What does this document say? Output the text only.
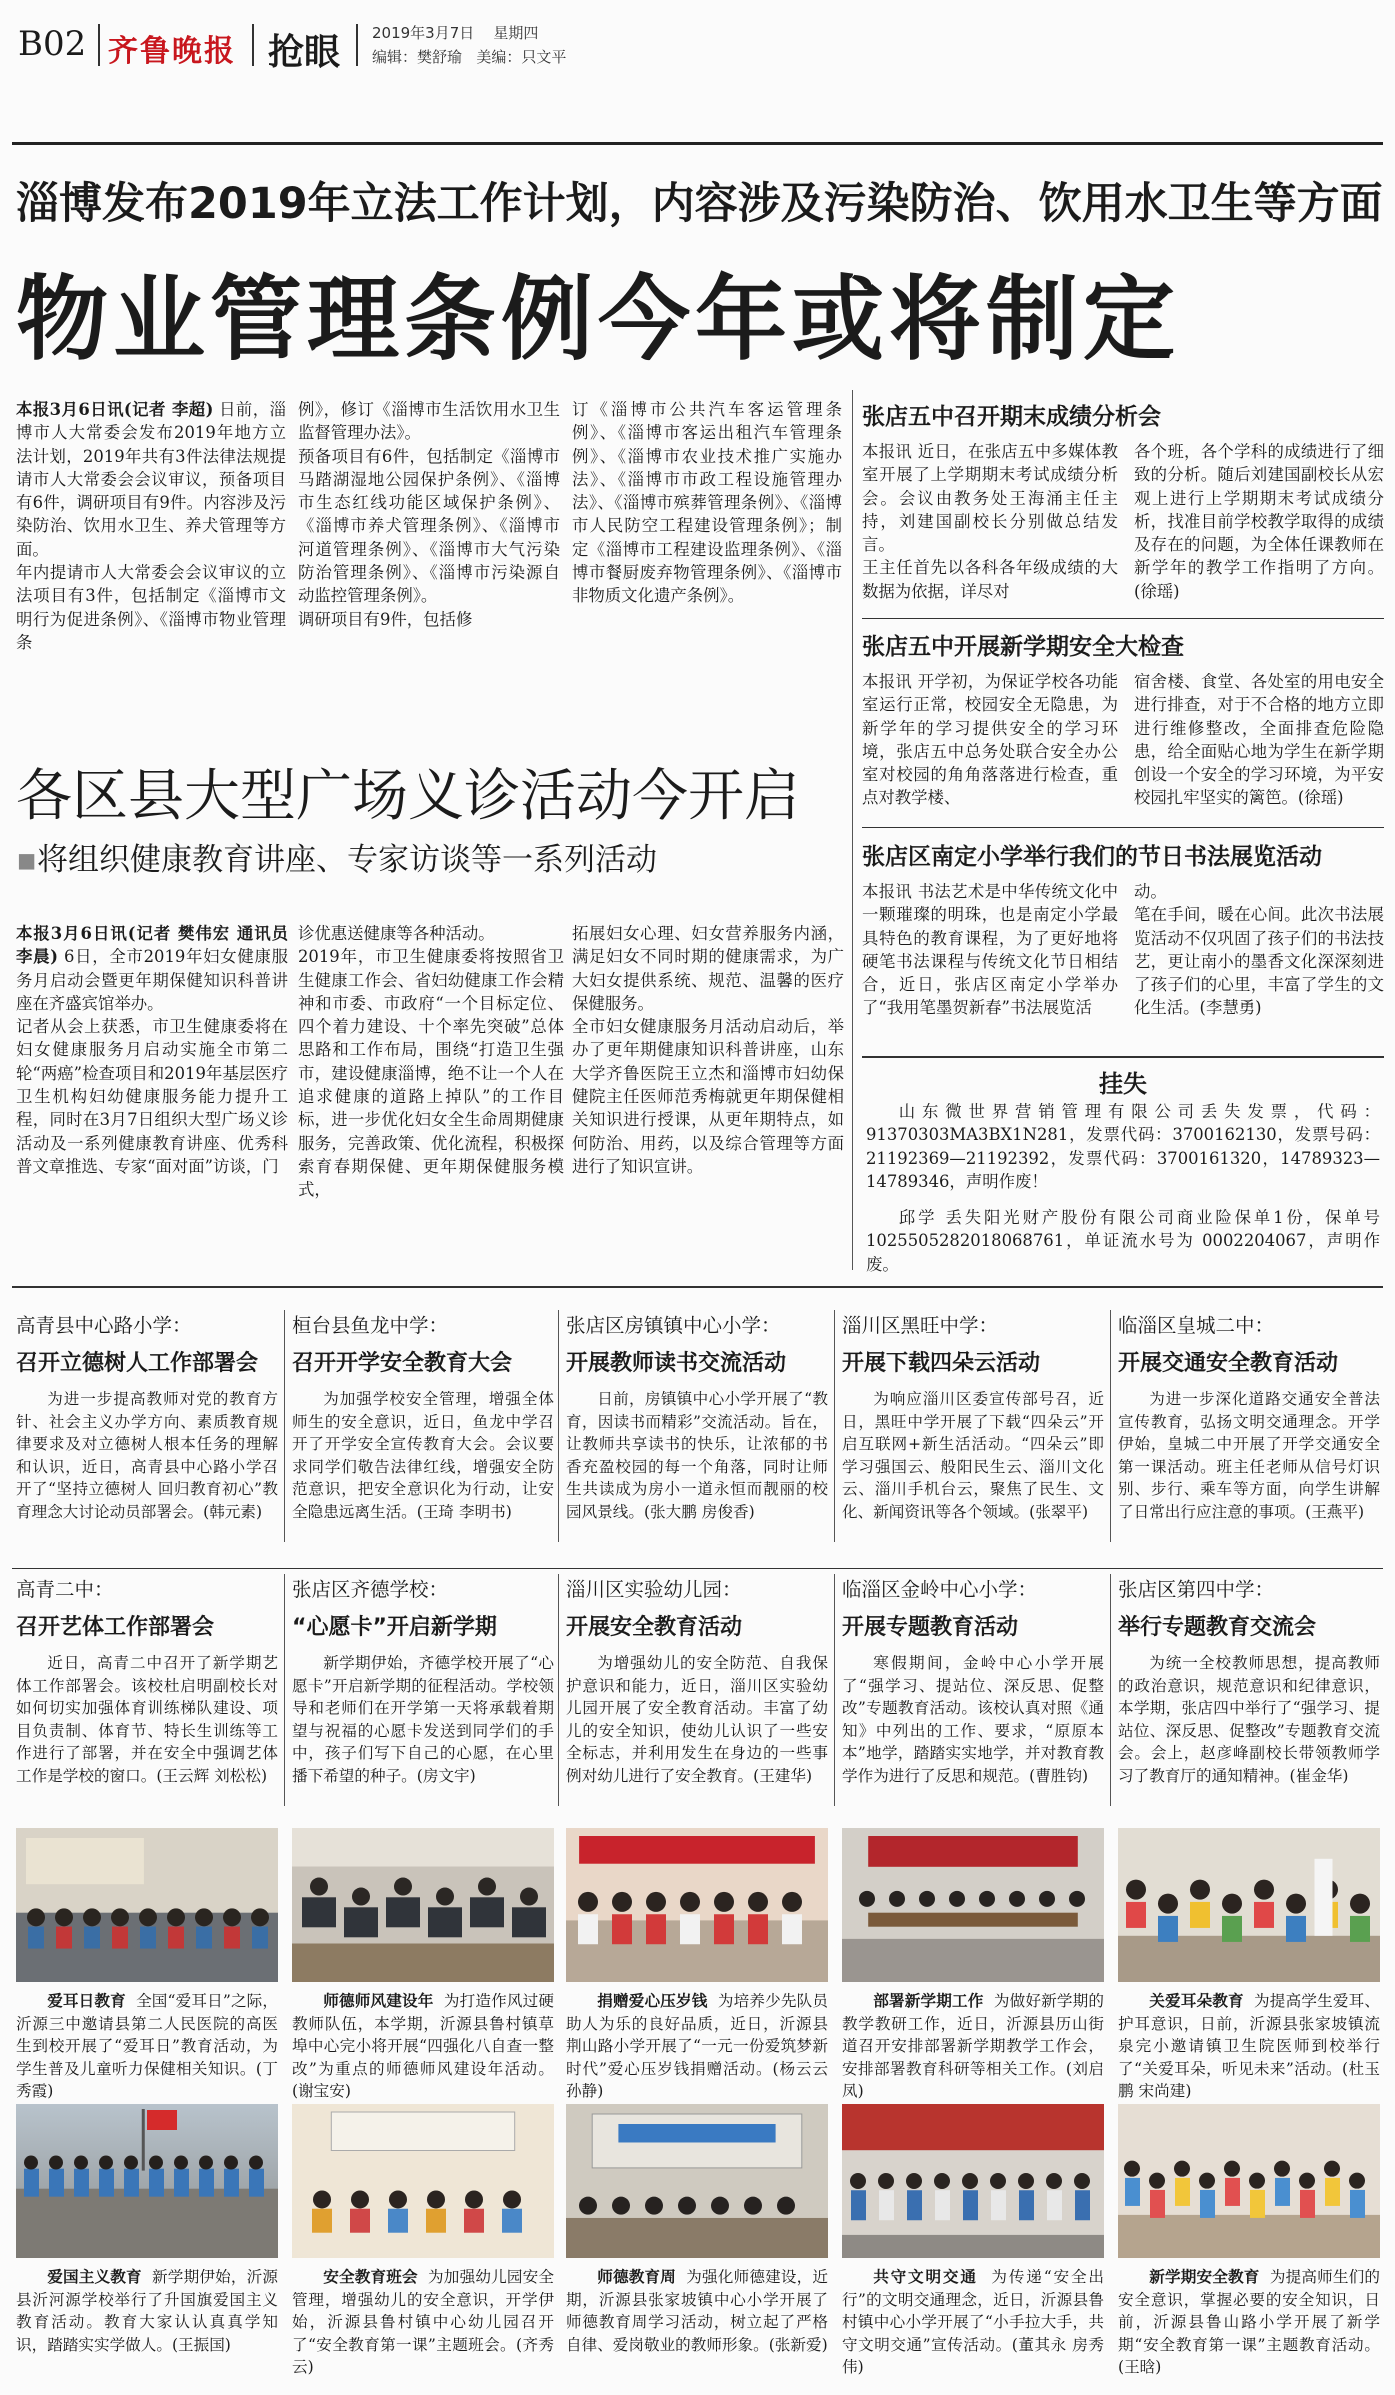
B02 齐鲁晚报 抢眼 2019年3月7日 星期四
编辑：樊舒瑜 美编：只文平
淄博发布2019年立法工作计划，内容涉及污染防治、饮用水卫生等方面
物业管理条例今年或将制定
本报3月6日讯(记者 李超) 日前，淄博市人大常委会发布2019年地方立法计划，2019年共有3件法律法规提请市人大常委会会议审议，预备项目有6件，调研项目有9件。内容涉及污染防治、饮用水卫生、养犬管理等方面。
年内提请市人大常委会会议审议的立法项目有3件，包括制定《淄博市文明行为促进条例》、《淄博市物业管理条
例》，修订《淄博市生活饮用水卫生监督管理办法》。
预备项目有6件，包括制定《淄博市马踏湖湿地公园保护条例》、《淄博市生态红线功能区域保护条例》、《淄博市养犬管理条例》、《淄博市河道管理条例》、《淄博市大气污染防治管理条例》、《淄博市污染源自动监控管理条例》。
调研项目有9件，包括修
订《淄博市公共汽车客运管理条例》、《淄博市客运出租汽车管理条例》、《淄博市农业技术推广实施办法》、《淄博市市政工程设施管理办法》、《淄博市殡葬管理条例》、《淄博市人民防空工程建设管理条例》；制定《淄博市工程建设监理条例》、《淄博市餐厨废弃物管理条例》、《淄博市非物质文化遗产条例》。
各区县大型广场义诊活动今开启
▪将组织健康教育讲座、专家访谈等一系列活动
本报3月6日讯(记者 樊伟宏 通讯员 李晨) 6日，全市2019年妇女健康服务月启动会暨更年期保健知识科普讲座在齐盛宾馆举办。
记者从会上获悉，市卫生健康委将在妇女健康服务月启动实施全市第二轮“两癌”检查项目和2019年基层医疗卫生机构妇幼健康服务能力提升工程，同时在3月7日组织大型广场义诊活动及一系列健康教育讲座、优秀科普文章推选、专家“面对面”访谈，门
诊优惠送健康等各种活动。
2019年，市卫生健康委将按照省卫生健康工作会、省妇幼健康工作会精神和市委、市政府“一个目标定位、四个着力建设、十个率先突破”总体思路和工作布局，围绕“打造卫生强市，建设健康淄博，绝不让一个人在追求健康的道路上掉队”的工作目标，进一步优化妇女全生命周期健康服务，完善政策、优化流程，积极探索育春期保健、更年期保健服务模式，
拓展妇女心理、妇女营养服务内涵，满足妇女不同时期的健康需求，为广大妇女提供系统、规范、温馨的医疗保健服务。
全市妇女健康服务月活动启动后，举办了更年期健康知识科普讲座，山东大学齐鲁医院王立杰和淄博市妇幼保健院主任医师范秀梅就更年期保健相关知识进行授课，从更年期特点，如何防治、用药，以及综合管理等方面进行了知识宣讲。
张店五中召开期末成绩分析会
本报讯 近日，在张店五中多媒体教室开展了上学期期末考试成绩分析会。会议由教务处王海涌主任主持，刘建国副校长分别做总结发言。
王主任首先以各科各年级成绩的大数据为依据，详尽对
各个班，各个学科的成绩进行了细致的分析。随后刘建国副校长从宏观上进行上学期期末考试成绩分析，找准目前学校教学取得的成绩及存在的问题，为全体任课教师在新学年的教学工作指明了方向。(徐瑶)
张店五中开展新学期安全大检查
本报讯 开学初，为保证学校各功能室运行正常，校园安全无隐患，为新学年的学习提供安全的学习环境，张店五中总务处联合安全办公室对校园的角角落落进行检查，重点对教学楼、
宿舍楼、食堂、各处室的用电安全进行排查，对于不合格的地方立即进行维修整改，全面排查危险隐患，给全面贴心地为学生在新学期创设一个安全的学习环境，为平安校园扎牢坚实的篱笆。(徐瑶)
张店区南定小学举行我们的节日书法展览活动
本报讯 书法艺术是中华传统文化中一颗璀璨的明珠，也是南定小学最具特色的教育课程，为了更好地将硬笔书法课程与传统文化节日相结合，近日，张店区南定小学举办了“我用笔墨贺新春”书法展览活
动。
笔在手间，暖在心间。此次书法展览活动不仅巩固了孩子们的书法技艺，更让南小的墨香文化深深刻进了孩子们的心里，丰富了学生的文化生活。(李慧勇)
挂失
山东微世界营销管理有限公司丢失发票，代码：91370303MA3BX1N281，发票代码：3700162130，发票号码：21192369—21192392，发票代码：3700161320，14789323—14789346，声明作废！
邱学 丢失阳光财产股份有限公司商业险保单1份，保单号1025505282018068761，单证流水号为 0002204067，声明作废。
高青县中心路小学：
召开立德树人工作部署会
为进一步提高教师对党的教育方针、社会主义办学方向、素质教育规律要求及对立德树人根本任务的理解和认识，近日，高青县中心路小学召开了“坚持立德树人 回归教育初心”教育理念大讨论动员部署会。(韩元素)
桓台县鱼龙中学：
召开开学安全教育大会
为加强学校安全管理，增强全体师生的安全意识，近日，鱼龙中学召开了开学安全宣传教育大会。会议要求同学们敬告法律红线，增强安全防范意识，把安全意识化为行动，让安全隐患远离生活。(王琦 李明书)
张店区房镇镇中心小学：
开展教师读书交流活动
日前，房镇镇中心小学开展了“教育，因读书而精彩”交流活动。旨在，让教师共享读书的快乐，让浓郁的书香充盈校园的每一个角落，同时让师生共读成为房小一道永恒而靓丽的校园风景线。(张大鹏 房俊香)
淄川区黑旺中学：
开展下载四朵云活动
为响应淄川区委宣传部号召，近日，黑旺中学开展了下载“四朵云”开启互联网+新生活活动。“四朵云”即学习强国云、般阳民生云、淄川文化云、淄川手机台云，聚焦了民生、文化、新闻资讯等各个领域。(张翠平)
临淄区皇城二中：
开展交通安全教育活动
为进一步深化道路交通安全普法宣传教育，弘扬文明交通理念。开学伊始，皇城二中开展了开学交通安全第一课活动。班主任老师从信号灯识别、步行、乘车等方面，向学生讲解了日常出行应注意的事项。(王燕平)
高青二中：
召开艺体工作部署会
近日，高青二中召开了新学期艺体工作部署会。该校杜启明副校长对如何切实加强体育训练梯队建设、项目负责制、体育节、特长生训练等工作进行了部署，并在安全中强调艺体工作是学校的窗口。(王云辉 刘松松)
张店区齐德学校：
“心愿卡”开启新学期
新学期伊始，齐德学校开展了“心愿卡”开启新学期的征程活动。学校领导和老师们在开学第一天将承载着期望与祝福的心愿卡发送到同学们的手中，孩子们写下自己的心愿，在心里播下希望的种子。(房文宇)
淄川区实验幼儿园：
开展安全教育活动
为增强幼儿的安全防范、自我保护意识和能力，近日，淄川区实验幼儿园开展了安全教育活动。丰富了幼儿的安全知识，使幼儿认识了一些安全标志，并利用发生在身边的一些事例对幼儿进行了安全教育。(王建华)
临淄区金岭中心小学：
开展专题教育活动
寒假期间，金岭中心小学开展了“强学习、提站位、深反思、促整改”专题教育活动。该校认真对照《通知》中列出的工作、要求，“原原本本”地学，踏踏实实地学，并对教育教学作为进行了反思和规范。(曹胜钧)
张店区第四中学：
举行专题教育交流会
为统一全校教师思想，提高教师的政治意识，规范意识和纪律意识，本学期，张店四中举行了“强学习、提站位、深反思、促整改”专题教育交流会。会上，赵彦峰副校长带领教师学习了教育厅的通知精神。(崔金华)
爱耳日教育 全国“爱耳日”之际，沂源三中邀请县第二人民医院的高医生到校开展了“爱耳日”教育活动，为学生普及儿童听力保健相关知识。(丁秀霞)
师德师风建设年 为打造作风过硬教师队伍，本学期，沂源县鲁村镇草埠中心完小将开展“四强化八自查一整改”为重点的师德师风建设年活动。(谢宝安)
捐赠爱心压岁钱 为培养少先队员助人为乐的良好品质，近日，沂源县荆山路小学开展了“一元一份爱筑梦新时代”爱心压岁钱捐赠活动。(杨云云 孙静)
部署新学期工作 为做好新学期的教学教研工作，近日，沂源县历山街道召开安排部署新学期教学工作会，安排部署教育科研等相关工作。(刘启凤)
关爱耳朵教育 为提高学生爱耳、护耳意识，日前，沂源县张家坡镇流泉完小邀请镇卫生院医师到校举行了“关爱耳朵，听见未来”活动。(杜玉鹏 宋尚建)
爱国主义教育 新学期伊始，沂源县沂河源学校举行了升国旗爱国主义教育活动。教育大家认认真真学知识，踏踏实实学做人。(王振国)
安全教育班会 为加强幼儿园安全管理，增强幼儿的安全意识，开学伊始，沂源县鲁村镇中心幼儿园召开了“安全教育第一课”主题班会。(齐秀云)
师德教育周 为强化师德建设，近期，沂源县张家坡镇中心小学开展了师德教育周学习活动，树立起了严格自律、爱岗敬业的教师形象。(张新爱)
共守文明交通 为传递“安全出行”的文明交通理念，近日，沂源县鲁村镇中心小学开展了“小手拉大手，共守文明交通”宣传活动。(董其永 房秀伟)
新学期安全教育 为提高师生们的安全意识，掌握必要的安全知识，日前，沂源县鲁山路小学开展了新学期“安全教育第一课”主题教育活动。(王晗)
